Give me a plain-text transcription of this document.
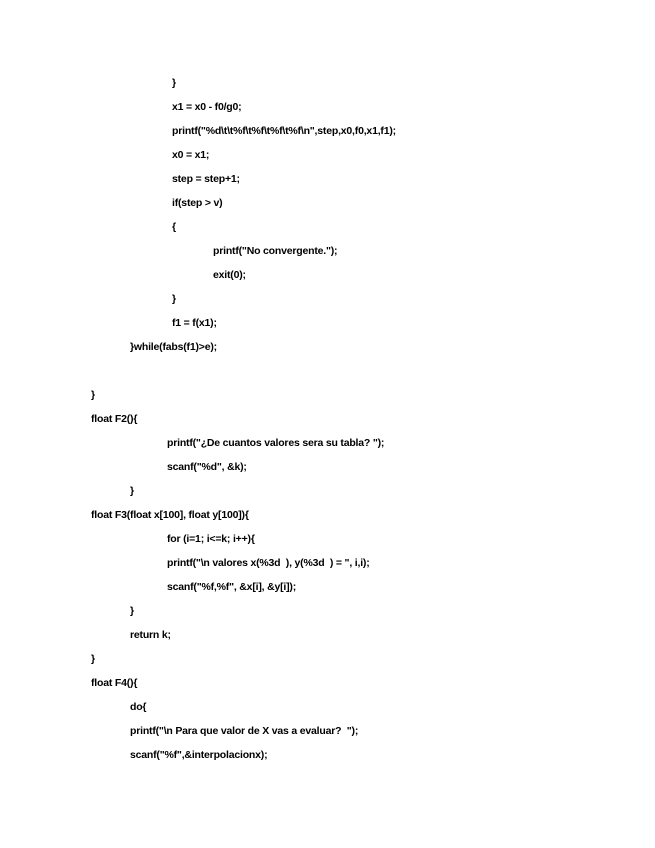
}
x1 = x0 - f0/g0;
printf("%d\t\t%f\t%f\t%f\t%f\n",step,x0,f0,x1,f1);
x0 = x1;
step = step+1;
if(step > v)
{
printf("No convergente.");
exit(0);
}
f1 = f(x1);
}while(fabs(f1)>e);
}
float F2(){
printf("¿De cuantos valores sera su tabla? ");
scanf("%d", &k);
}
float F3(float x[100], float y[100]){
for (i=1; i<=k; i++){
printf("\n valores x(%3d  ), y(%3d  ) = ", i,i);
scanf("%f,%f", &x[i], &y[i]);
}
return k;
}
float F4(){
do{
printf("\n Para que valor de X vas a evaluar?  ");
scanf("%f",&interpolacionx);
